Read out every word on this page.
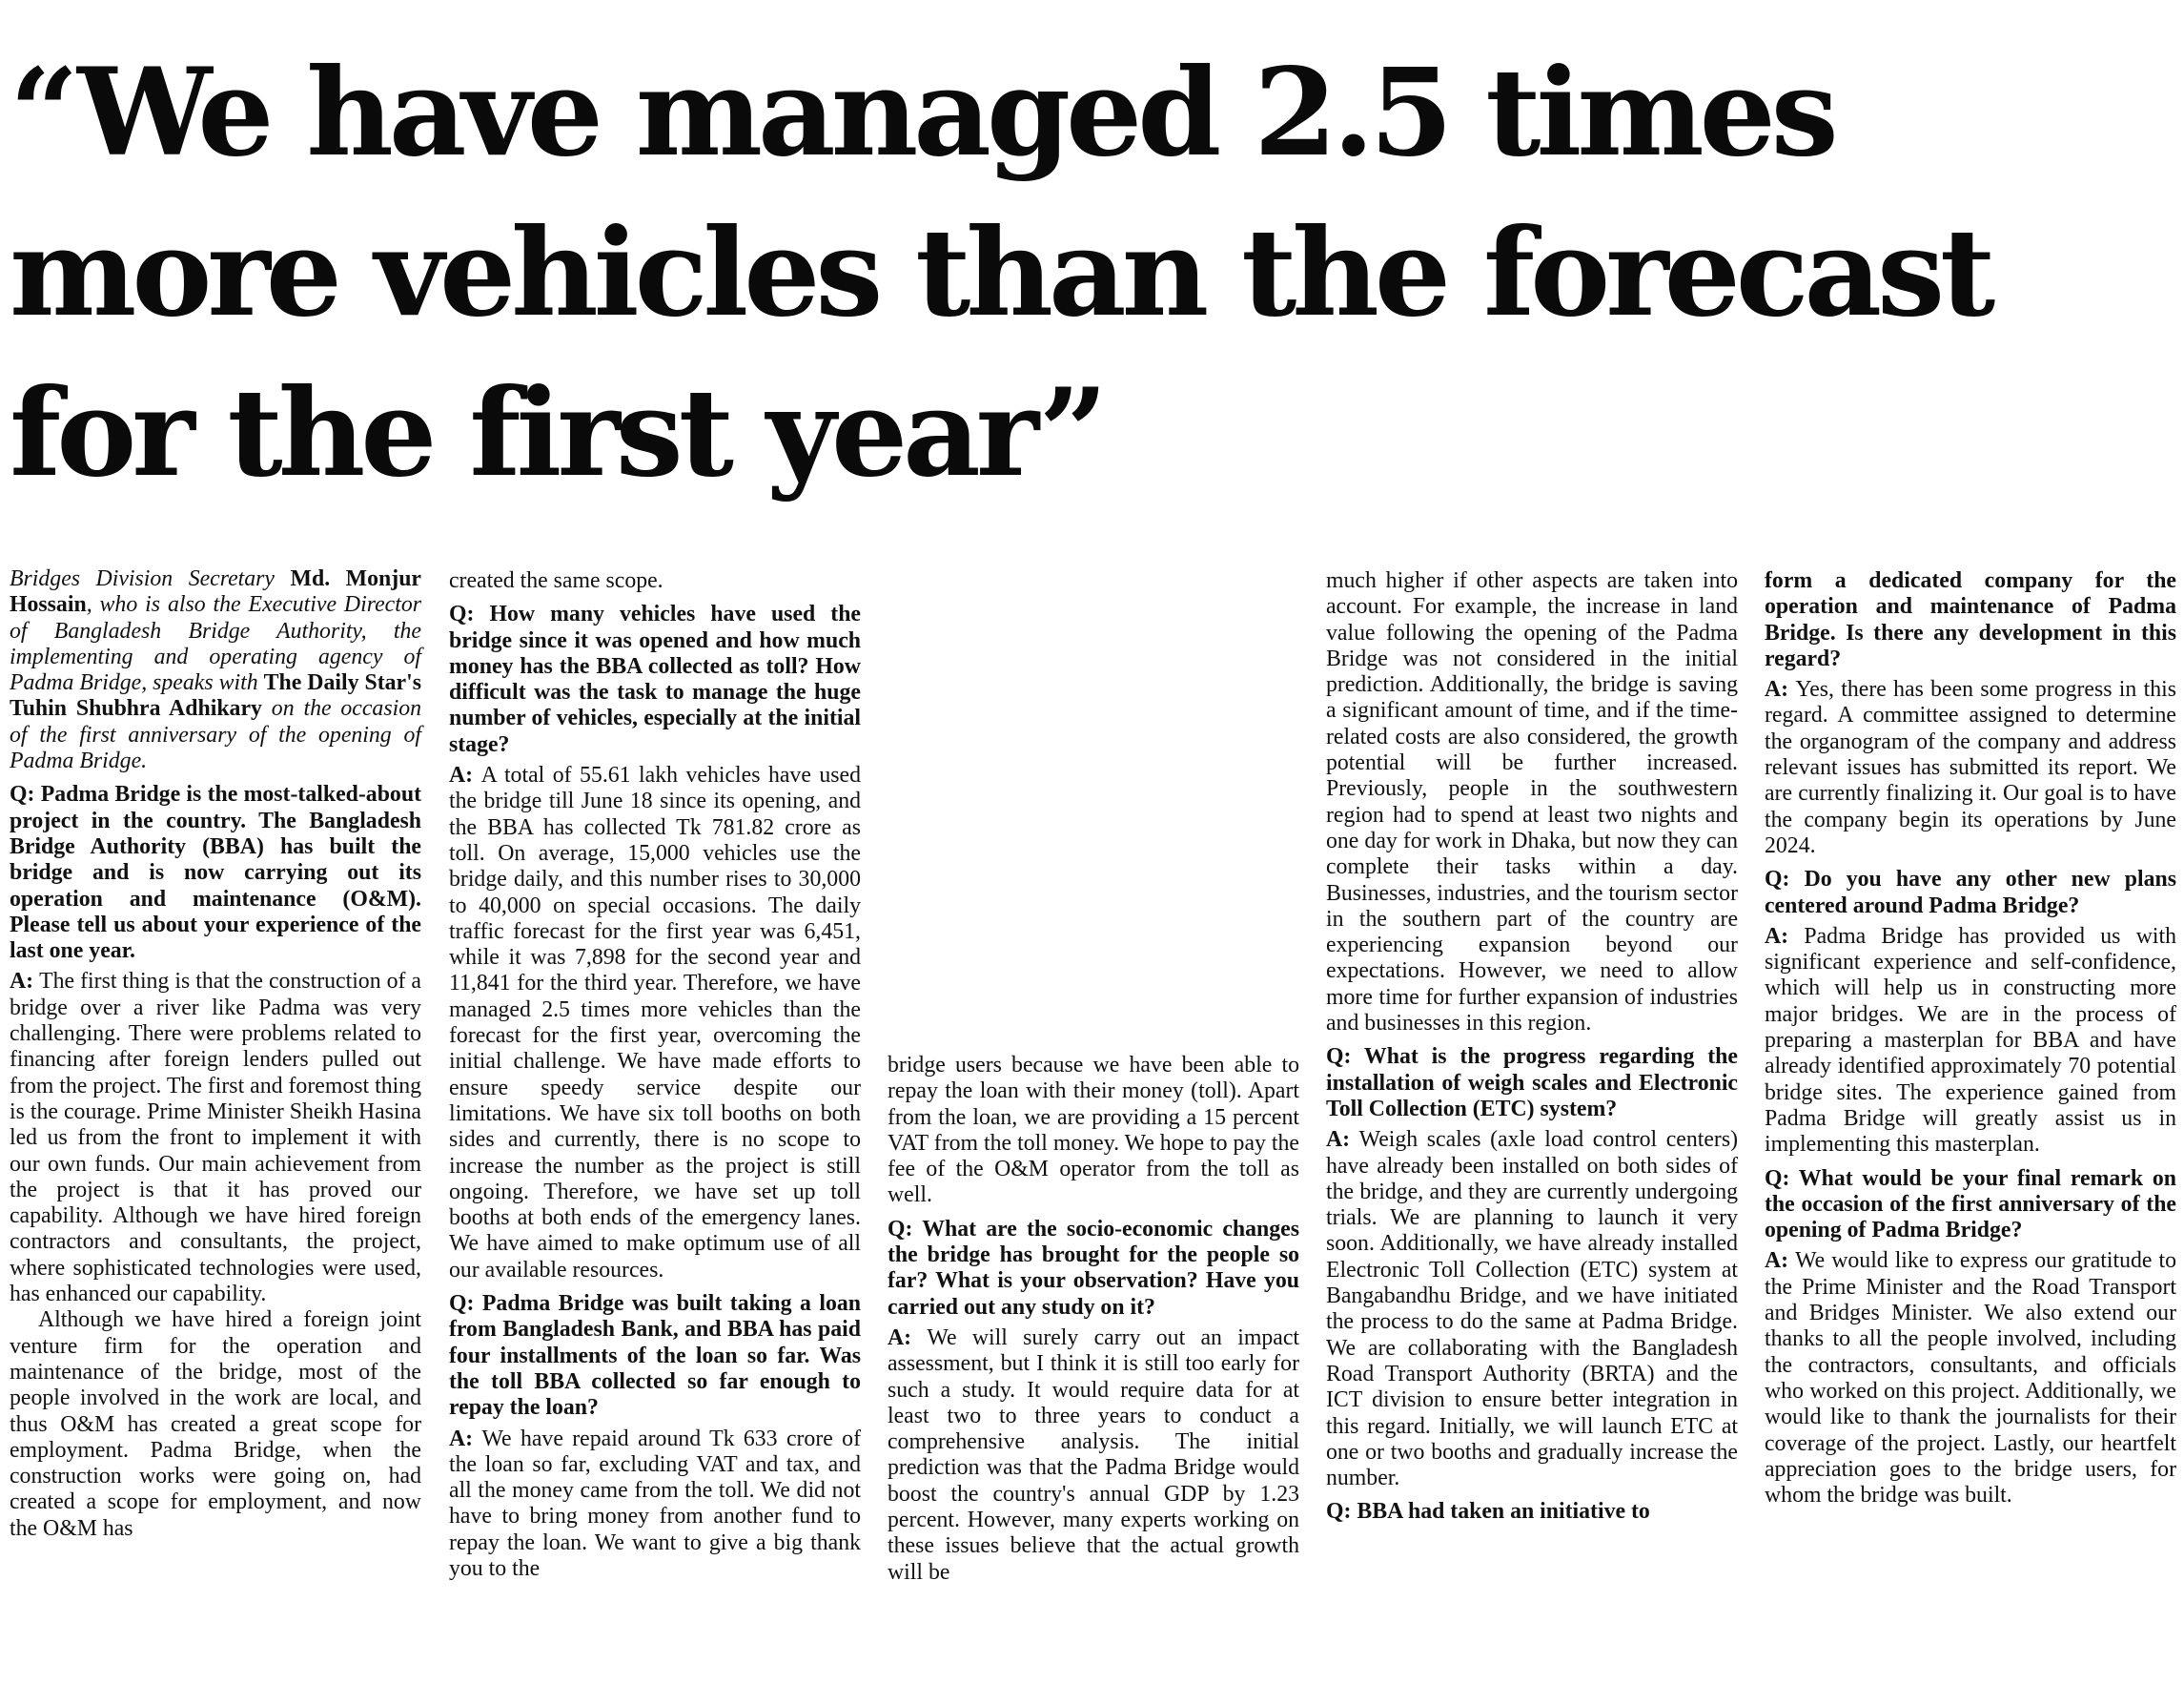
“We have managed 2.5 times
more vehicles than the forecast
for the first year”

Bridges Division Secretary Md. Monjur Hossain, who is also the Executive Director of Bangladesh Bridge Authority, the implementing and operating agency of Padma Bridge, speaks with The Daily Star's Tuhin Shubhra Adhikary on the occasion of the first anniversary of the opening of Padma Bridge.

Q: Padma Bridge is the most-talked-about project in the country. The Bangladesh Bridge Authority (BBA) has built the bridge and is now carrying out its operation and maintenance (O&M). Please tell us about your experience of the last one year.

A: The first thing is that the construction of a bridge over a river like Padma was very challenging. There were problems related to financing after foreign lenders pulled out from the project. The first and foremost thing is the courage. Prime Minister Sheikh Hasina led us from the front to implement it with our own funds. Our main achievement from the project is that it has proved our capability. Although we have hired foreign contractors and consultants, the project, where sophisticated technologies were used, has enhanced our capability.

Although we have hired a foreign joint venture firm for the operation and maintenance of the bridge, most of the people involved in the work are local, and thus O&M has created a great scope for employment. Padma Bridge, when the construction works were going on, had created a scope for employment, and now the O&M has

created the same scope.

Q: How many vehicles have used the bridge since it was opened and how much money has the BBA collected as toll? How difficult was the task to manage the huge number of vehicles, especially at the initial stage?

A: A total of 55.61 lakh vehicles have used the bridge till June 18 since its opening, and the BBA has collected Tk 781.82 crore as toll. On average, 15,000 vehicles use the bridge daily, and this number rises to 30,000 to 40,000 on special occasions. The daily traffic forecast for the first year was 6,451, while it was 7,898 for the second year and 11,841 for the third year. Therefore, we have managed 2.5 times more vehicles than the forecast for the first year, overcoming the initial challenge. We have made efforts to ensure speedy service despite our limitations. We have six toll booths on both sides and currently, there is no scope to increase the number as the project is still ongoing. Therefore, we have set up toll booths at both ends of the emergency lanes. We have aimed to make optimum use of all our available resources.

Q: Padma Bridge was built taking a loan from Bangladesh Bank, and BBA has paid four installments of the loan so far. Was the toll BBA collected so far enough to repay the loan?

A: We have repaid around Tk 633 crore of the loan so far, excluding VAT and tax, and all the money came from the toll. We did not have to bring money from another fund to repay the loan. We want to give a big thank you to the

bridge users because we have been able to repay the loan with their money (toll). Apart from the loan, we are providing a 15 percent VAT from the toll money. We hope to pay the fee of the O&M operator from the toll as well.

Q: What are the socio-economic changes the bridge has brought for the people so far? What is your observation? Have you carried out any study on it?

A: We will surely carry out an impact assessment, but I think it is still too early for such a study. It would require data for at least two to three years to conduct a comprehensive analysis. The initial prediction was that the Padma Bridge would boost the country's annual GDP by 1.23 percent. However, many experts working on these issues believe that the actual growth will be

much higher if other aspects are taken into account. For example, the increase in land value following the opening of the Padma Bridge was not considered in the initial prediction. Additionally, the bridge is saving a significant amount of time, and if the time-related costs are also considered, the growth potential will be further increased. Previously, people in the southwestern region had to spend at least two nights and one day for work in Dhaka, but now they can complete their tasks within a day. Businesses, industries, and the tourism sector in the southern part of the country are experiencing expansion beyond our expectations. However, we need to allow more time for further expansion of industries and businesses in this region.

Q: What is the progress regarding the installation of weigh scales and Electronic Toll Collection (ETC) system?

A: Weigh scales (axle load control centers) have already been installed on both sides of the bridge, and they are currently undergoing trials. We are planning to launch it very soon. Additionally, we have already installed Electronic Toll Collection (ETC) system at Bangabandhu Bridge, and we have initiated the process to do the same at Padma Bridge. We are collaborating with the Bangladesh Road Transport Authority (BRTA) and the ICT division to ensure better integration in this regard. Initially, we will launch ETC at one or two booths and gradually increase the number.

Q: BBA had taken an initiative to

form a dedicated company for the operation and maintenance of Padma Bridge. Is there any development in this regard?

A: Yes, there has been some progress in this regard. A committee assigned to determine the organogram of the company and address relevant issues has submitted its report. We are currently finalizing it. Our goal is to have the company begin its operations by June 2024.

Q: Do you have any other new plans centered around Padma Bridge?

A: Padma Bridge has provided us with significant experience and self-confidence, which will help us in constructing more major bridges. We are in the process of preparing a masterplan for BBA and have already identified approximately 70 potential bridge sites. The experience gained from Padma Bridge will greatly assist us in implementing this masterplan.

Q: What would be your final remark on the occasion of the first anniversary of the opening of Padma Bridge?

A: We would like to express our gratitude to the Prime Minister and the Road Transport and Bridges Minister. We also extend our thanks to all the people involved, including the contractors, consultants, and officials who worked on this project. Additionally, we would like to thank the journalists for their coverage of the project. Lastly, our heartfelt appreciation goes to the bridge users, for whom the bridge was built.
